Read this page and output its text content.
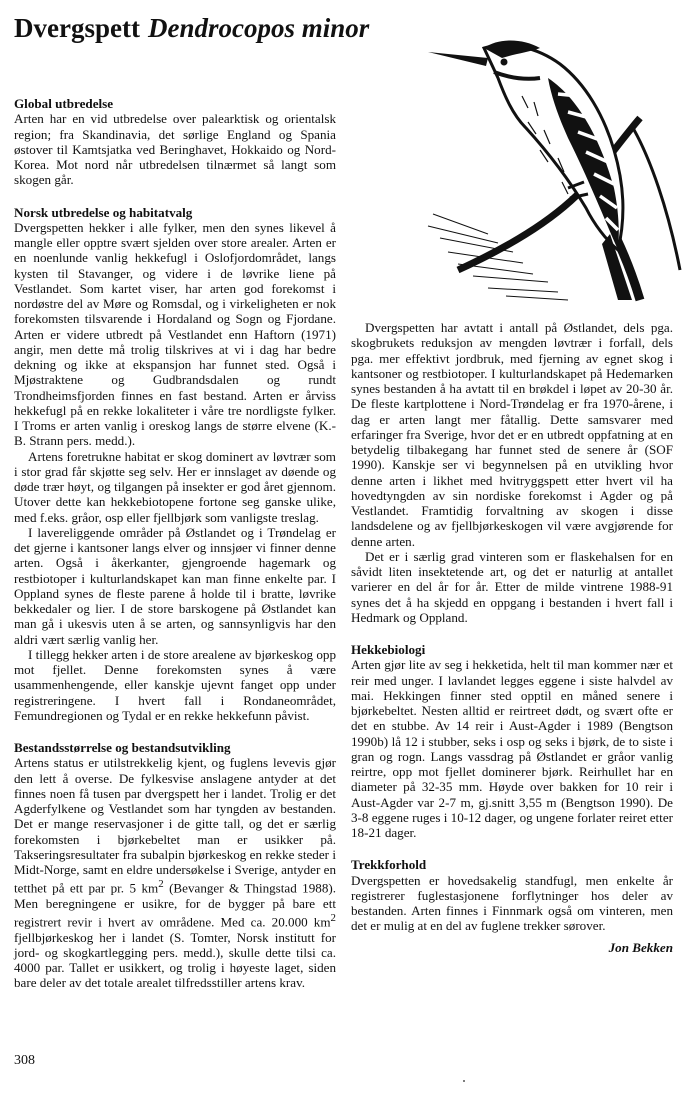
Dvergspett Dendrocopos minor
Global utbredelse

Arten har en vid utbredelse over palearktisk og orientalsk region; fra Skandinavia, det sørlige England og Spania østover til Kamtsjatka ved Beringhavet, Hokkaido og Nord-Korea. Mot nord når utbredelsen tilnærmet så langt som skogen går.

Norsk utbredelse og habitatvalg

Dvergspetten hekker i alle fylker, men den synes likevel å mangle eller opptre svært sjelden over store arealer. Arten er en noenlunde vanlig hekkefugl i Oslofjordområdet, langs kysten til Stavanger, og videre i de løvrike liene på Vestlandet. Som kartet viser, har arten god forekomst i nordøstre del av Møre og Romsdal, og i virkeligheten er nok forekomsten tilsvarende i Hordaland og Sogn og Fjordane. Arten er videre utbredt på Vestlandet enn Haftorn (1971) angir, men dette må trolig tilskrives at vi i dag har bedre dekning og ikke at ekspansjon har funnet sted. Også i Mjøstraktene og Gudbrandsdalen og rundt Trondheimsfjorden finnes en fast bestand. Arten er årviss hekkefugl på en rekke lokaliteter i våre tre nordligste fylker. I Troms er arten vanlig i oreskog langs de større elvene (K.-B. Strann pers. medd.).

Artens foretrukne habitat er skog dominert av løvtrær som i stor grad får skjøtte seg selv. Her er innslaget av døende og døde trær høyt, og tilgangen på insekter er god året gjennom. Utover dette kan hekkebiotopene fortone seg ganske ulike, med f.eks. gråor, osp eller fjellbjørk som vanligste treslag.

I lavereliggende områder på Østlandet og i Trøndelag er det gjerne i kantsoner langs elver og innsjøer vi finner denne arten. Også i åkerkanter, gjengroende hagemark og restbiotoper i kulturlandskapet kan man finne enkelte par. I Oppland synes de fleste parene å holde til i bratte, løvrike bekkedaler og lier. I de store barskogene på Østlandet kan man gå i ukesvis uten å se arten, og sannsynligvis har den aldri vært særlig vanlig her.

I tillegg hekker arten i de store arealene av bjørkeskog opp mot fjellet. Denne forekomsten synes å være usammenhengende, eller kanskje ujevnt fanget opp under registreringene. I hvert fall i Rondaneområdet, Femundregionen og Tydal er en rekke hekkefunn påvist.

Bestandsstørrelse og bestandsutvikling

Artens status er utilstrekkelig kjent, og fuglens levevis gjør den lett å overse. De fylkesvise anslagene antyder at det finnes noen få tusen par dvergspett her i landet. Trolig er det Agderfylkene og Vestlandet som har tyngden av bestanden. Det er mange reservasjoner i de gitte tall, og det er særlig forekomsten i bjørkebeltet man er usikker på. Takseringsresultater fra subalpin bjørkeskog en rekke steder i Midt-Norge, samt en eldre undersøkelse i Sverige, antyder en tetthet på ett par pr. 5 $km^2$ (Bevanger & Thingstad 1988). Men beregningene er usikre, for de bygger på bare ett registrert revir i hvert av områdene. Med ca. 20.000 $km^2$ fjellbjørkeskog her i landet (S. Tomter, Norsk institutt for jord- og skogkartlegging pers. medd.), skulle dette tilsi ca. 4000 par. Tallet er usikkert, og trolig i høyeste laget, siden bare deler av det totale arealet tilfredsstiller artens krav.

Dvergspetten har avtatt i antall på Østlandet, dels pga. skogbrukets reduksjon av mengden løvtrær i forfall, dels pga. mer effektivt jordbruk, med fjerning av egnet skog i kantsoner og restbiotoper. I kulturlandskapet på Hedemarken synes bestanden å ha avtatt til en brøkdel i løpet av 20-30 år. De fleste kartplottene i Nord-Trøndelag er fra 1970-årene, i dag er arten langt mer fåtallig. Dette samsvarer med erfaringer fra Sverige, hvor det er en utbredt oppfatning at en betydelig tilbakegang har funnet sted de senere år (SOF 1990). Kanskje ser vi begynnelsen på en utvikling hvor denne arten i likhet med hvitryggspett etter hvert vil ha hovedtyngden av sin nordiske forekomst i Agder og på Vestlandet. Framtidig forvaltning av skogen i disse landsdelene og av fjellbjørkeskogen vil være avgjørende for denne arten.

Det er i særlig grad vinteren som er flaskehalsen for en såvidt liten insektetende art, og det er naturlig at antallet varierer en del år for år. Etter de milde vintrene 1988-91 synes det å ha skjedd en oppgang i bestanden i hvert fall i Hedmark og Oppland.

Hekkebiologi

Arten gjør lite av seg i hekketida, helt til man kommer nær et reir med unger. I lavlandet legges eggene i siste halvdel av mai. Hekkingen finner sted opptil en måned senere i bjørkebeltet. Nesten alltid er reirtreet dødt, og svært ofte er det en stubbe. Av 14 reir i Aust-Agder i 1989 (Bengtson 1990b) lå 12 i stubber, seks i osp og seks i bjørk, de to siste i gran og rogn. Langs vassdrag på Østlandet er gråor vanlig reirtre, opp mot fjellet dominerer bjørk. Reirhullet har en diameter på 32-35 mm. Høyde over bakken for 10 reir i Aust-Agder var 2-7 m, gj.snitt 3,55 m (Bengtson 1990). De 3-8 eggene ruges i 10-12 dager, og ungene forlater reiret etter 18-21 dager.

Trekkforhold

Dvergspetten er hovedsakelig standfugl, men enkelte år registrerer fuglestasjonene forflytninger hos deler av bestanden. Arten finnes i Finnmark også om vinteren, men det er mulig at en del av fuglene trekker sørover.

Jon Bekken
308
